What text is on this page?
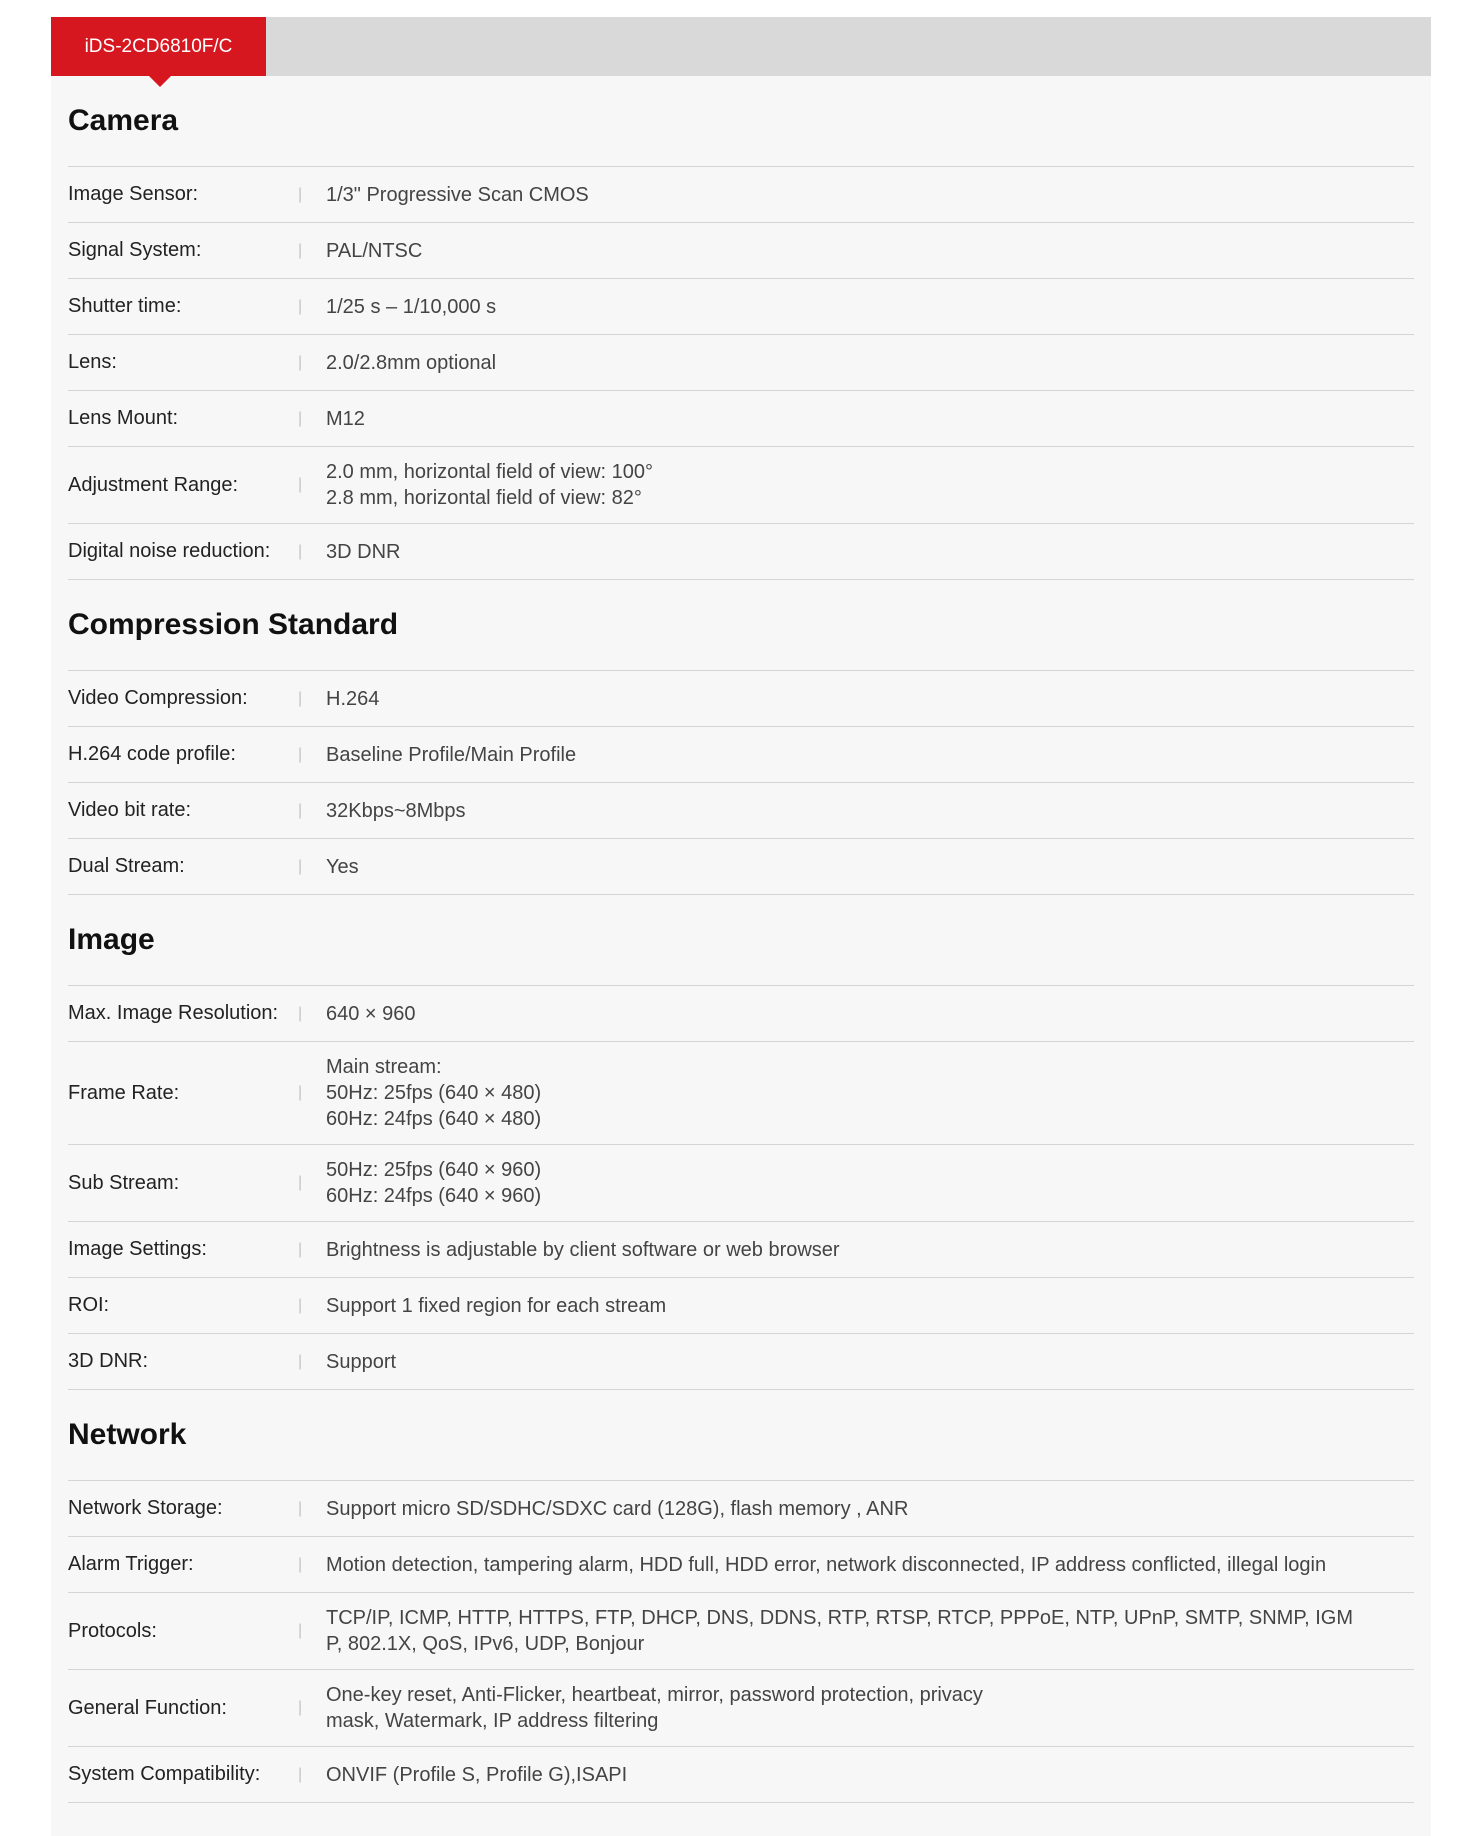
iDS-2CD6810F/C
Camera
Image Sensor:	|	1/3" Progressive Scan CMOS
Signal System:	|	PAL/NTSC
Shutter time:	|	1/25 s – 1/10,000 s
Lens:	|	2.0/2.8mm optional
Lens Mount:	|	M12
Adjustment Range:	|
2.0 mm, horizontal field of view: 100°
2.8 mm, horizontal field of view: 82°
Digital noise reduction:	|	3D DNR
Compression Standard
Video Compression:	|	H.264
H.264 code profile:	|	Baseline Profile/Main Profile
Video bit rate:	|	32Kbps~8Mbps
Dual Stream:	|	Yes
Image
Max. Image Resolution:	|	640 × 960
Frame Rate:	|
Main stream:
50Hz: 25fps (640 × 480)
60Hz: 24fps (640 × 480)
Sub Stream:	|
50Hz: 25fps (640 × 960)
60Hz: 24fps (640 × 960)
Image Settings:	|	Brightness is adjustable by client software or web browser
ROI:	|	Support 1 fixed region for each stream
3D DNR:	|	Support
Network
Network Storage:	|	Support micro SD/SDHC/SDXC card (128G), flash memory , ANR
Alarm Trigger:	|	Motion detection, tampering alarm, HDD full, HDD error, network disconnected, IP address conflicted, illegal login
Protocols:	|
TCP/IP, ICMP, HTTP, HTTPS, FTP, DHCP, DNS, DDNS, RTP, RTSP, RTCP, PPPoE, NTP, UPnP, SMTP, SNMP, IGM
P, 802.1X, QoS, IPv6, UDP, Bonjour
General Function:	|
One-key reset, Anti-Flicker, heartbeat, mirror, password protection, privacy
mask, Watermark, IP address filtering
System Compatibility:	|	ONVIF (Profile S, Profile G),ISAPI
